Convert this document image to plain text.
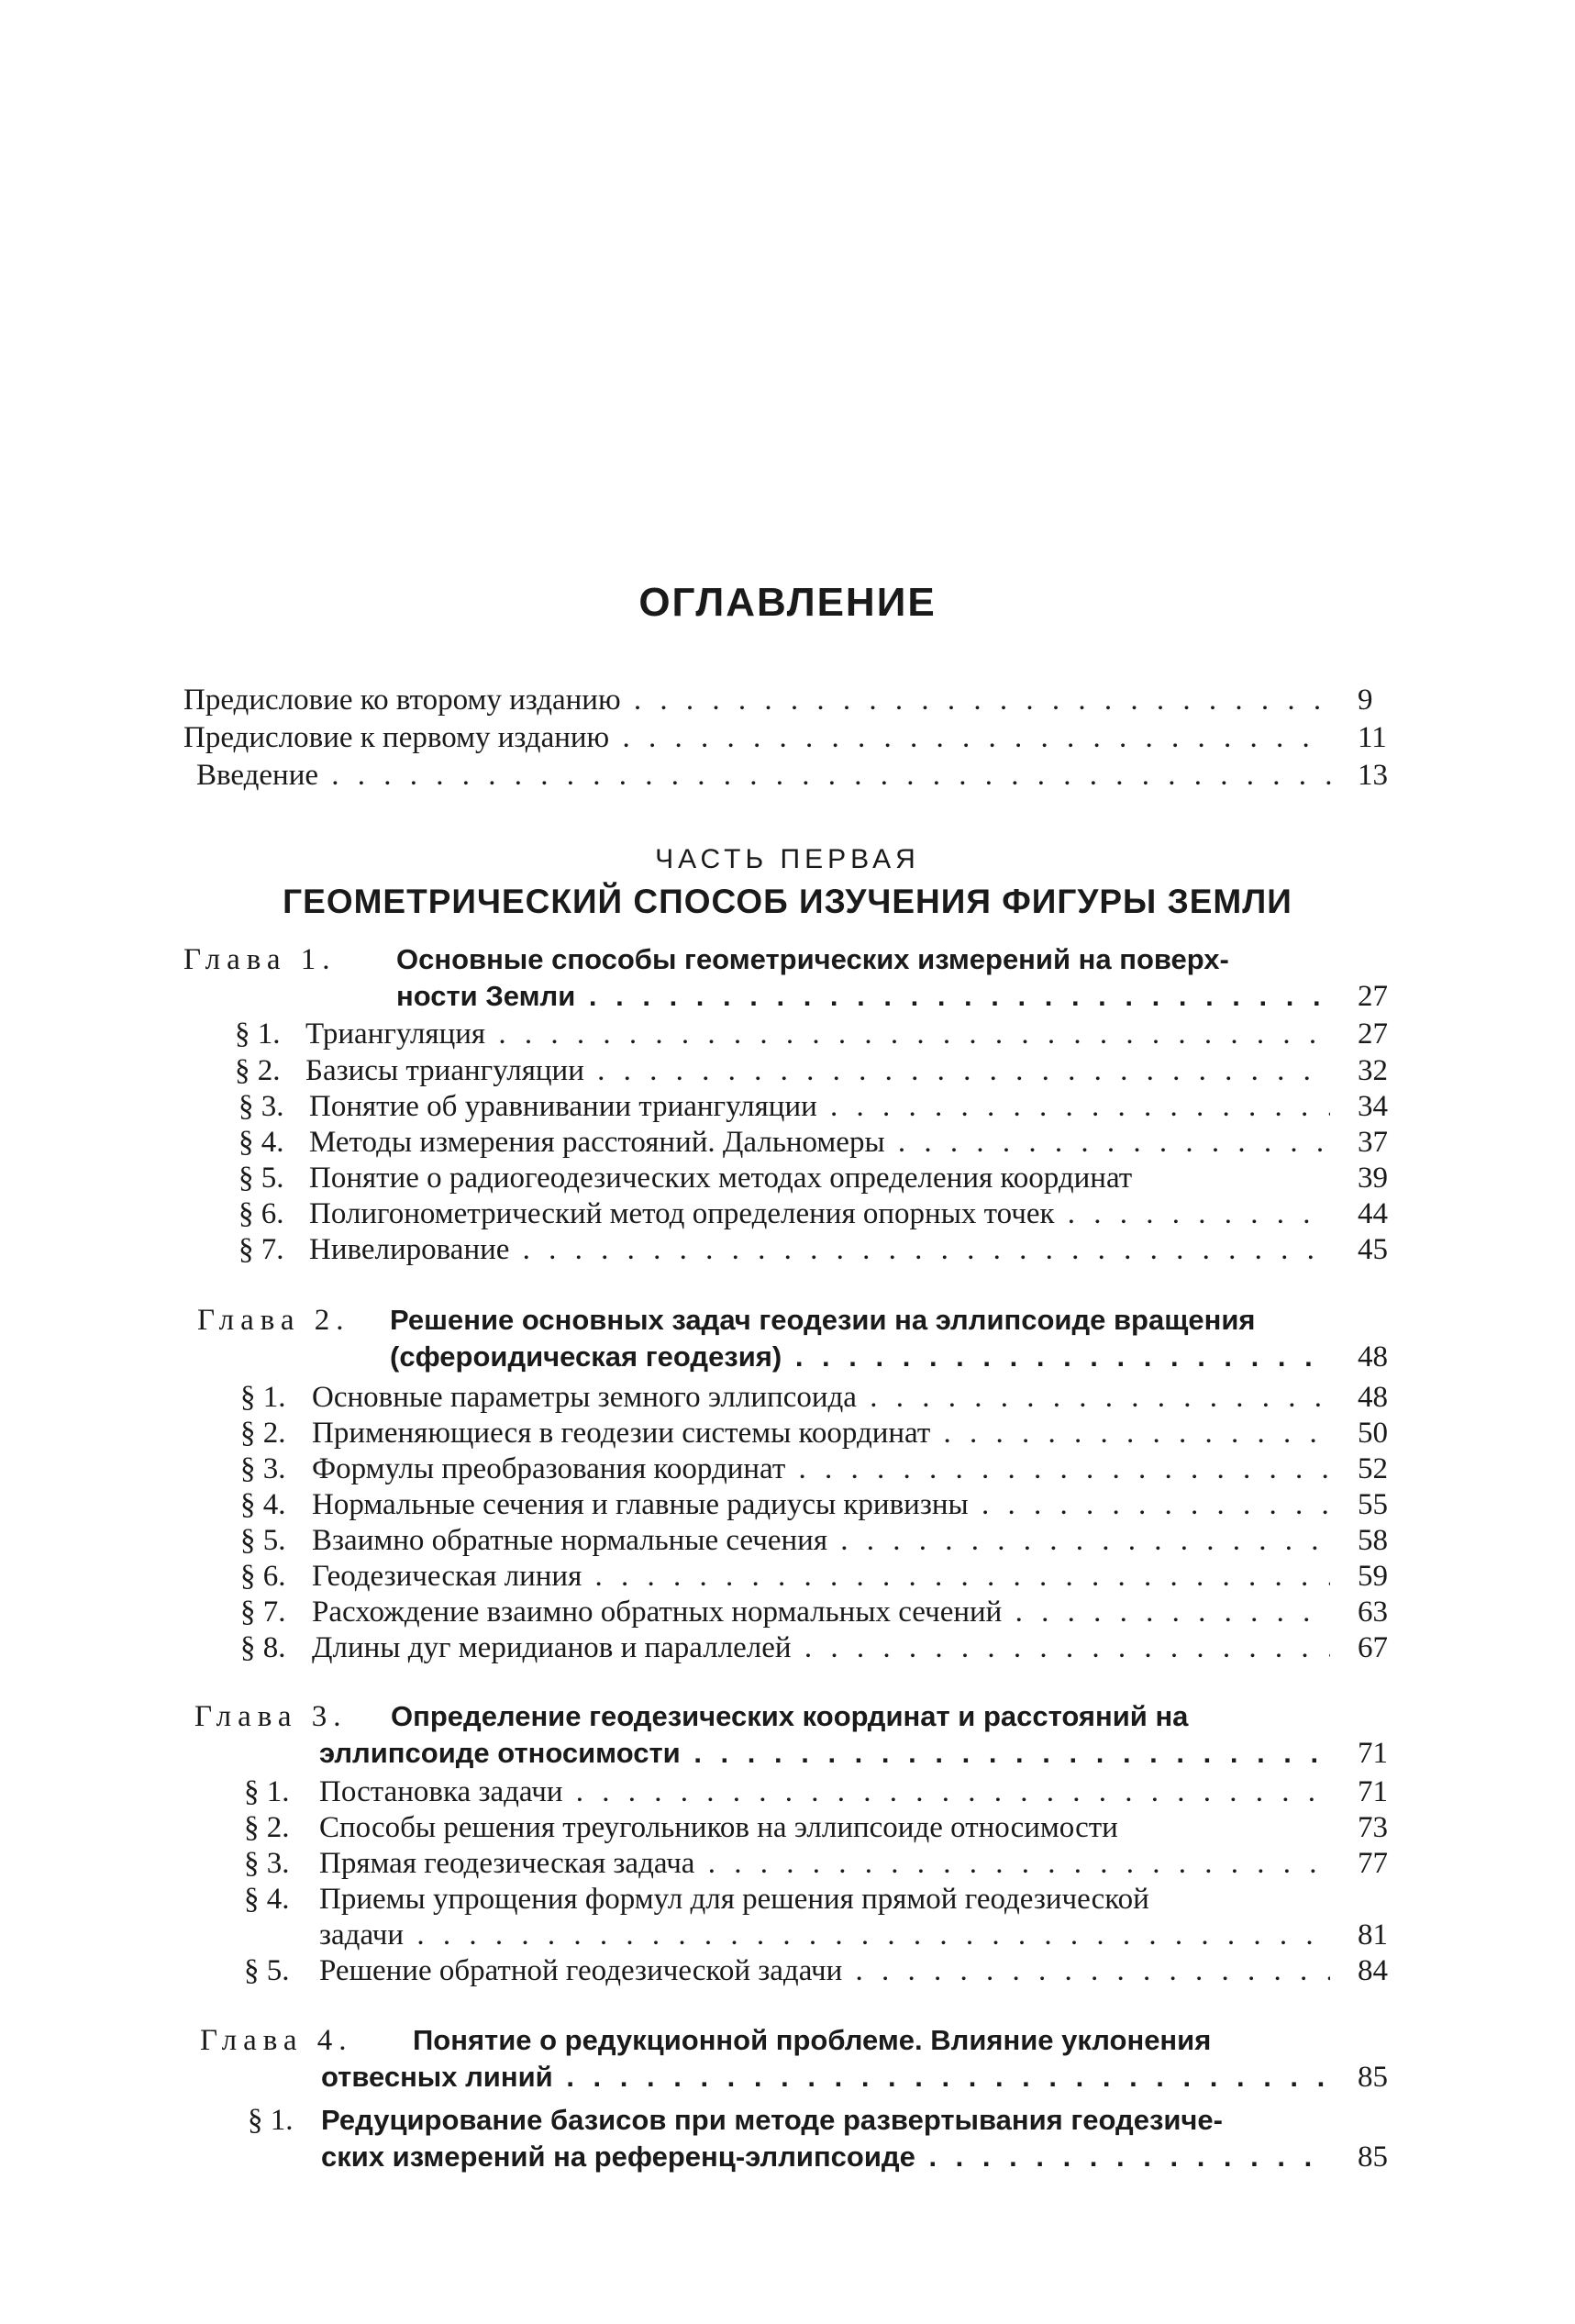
ОГЛАВЛЕНИЕ
Предисловие ко второму изданию . . .	9
Предисловие к первому изданию . . .	11
Введение . . .	13
ЧАСТЬ ПЕРВАЯ
ГЕОМЕТРИЧЕСКИЙ СПОСОБ ИЗУЧЕНИЯ ФИГУРЫ ЗЕМЛИ
Глава 1. Основные способы геометрических измерений на поверх-
ности Земли . . .	27
§ 1. Триангуляция . . .	27
§ 2. Базисы триангуляции . . .	32
§ 3. Понятие об уравнивании триангуляции . . .	34
§ 4. Методы измерения расстояний. Дальномеры . . .	37
§ 5. Понятие о радиогеодезических методах определения координат	39
§ 6. Полигонометрический метод определения опорных точек . . .	44
§ 7. Нивелирование . . .	45
Глава 2. Решение основных задач геодезии на эллипсоиде вращения
(сфероидическая геодезия) . . .	48
§ 1. Основные параметры земного эллипсоида . . .	48
§ 2. Применяющиеся в геодезии системы координат . . .	50
§ 3. Формулы преобразования координат . . .	52
§ 4. Нормальные сечения и главные радиусы кривизны . . .	55
§ 5. Взаимно обратные нормальные сечения . . .	58
§ 6. Геодезическая линия . . .	59
§ 7. Расхождение взаимно обратных нормальных сечений . . .	63
§ 8. Длины дуг меридианов и параллелей . . .	67
Глава 3. Определение геодезических координат и расстояний на
эллипсоиде относимости . . .	71
§ 1. Постановка задачи . . .	71
§ 2. Способы решения треугольников на эллипсоиде относимости	73
§ 3. Прямая геодезическая задача . . .	77
§ 4. Приемы упрощения формул для решения прямой геодезической
задачи . . .	81
§ 5. Решение обратной геодезической задачи . . .	84
Глава 4. Понятие о редукционной проблеме. Влияние уклонения
отвесных линий . . .	85
§ 1. Редуцирование базисов при методе развертывания геодезиче-
ских измерений на референц-эллипсоиде . . .	85
